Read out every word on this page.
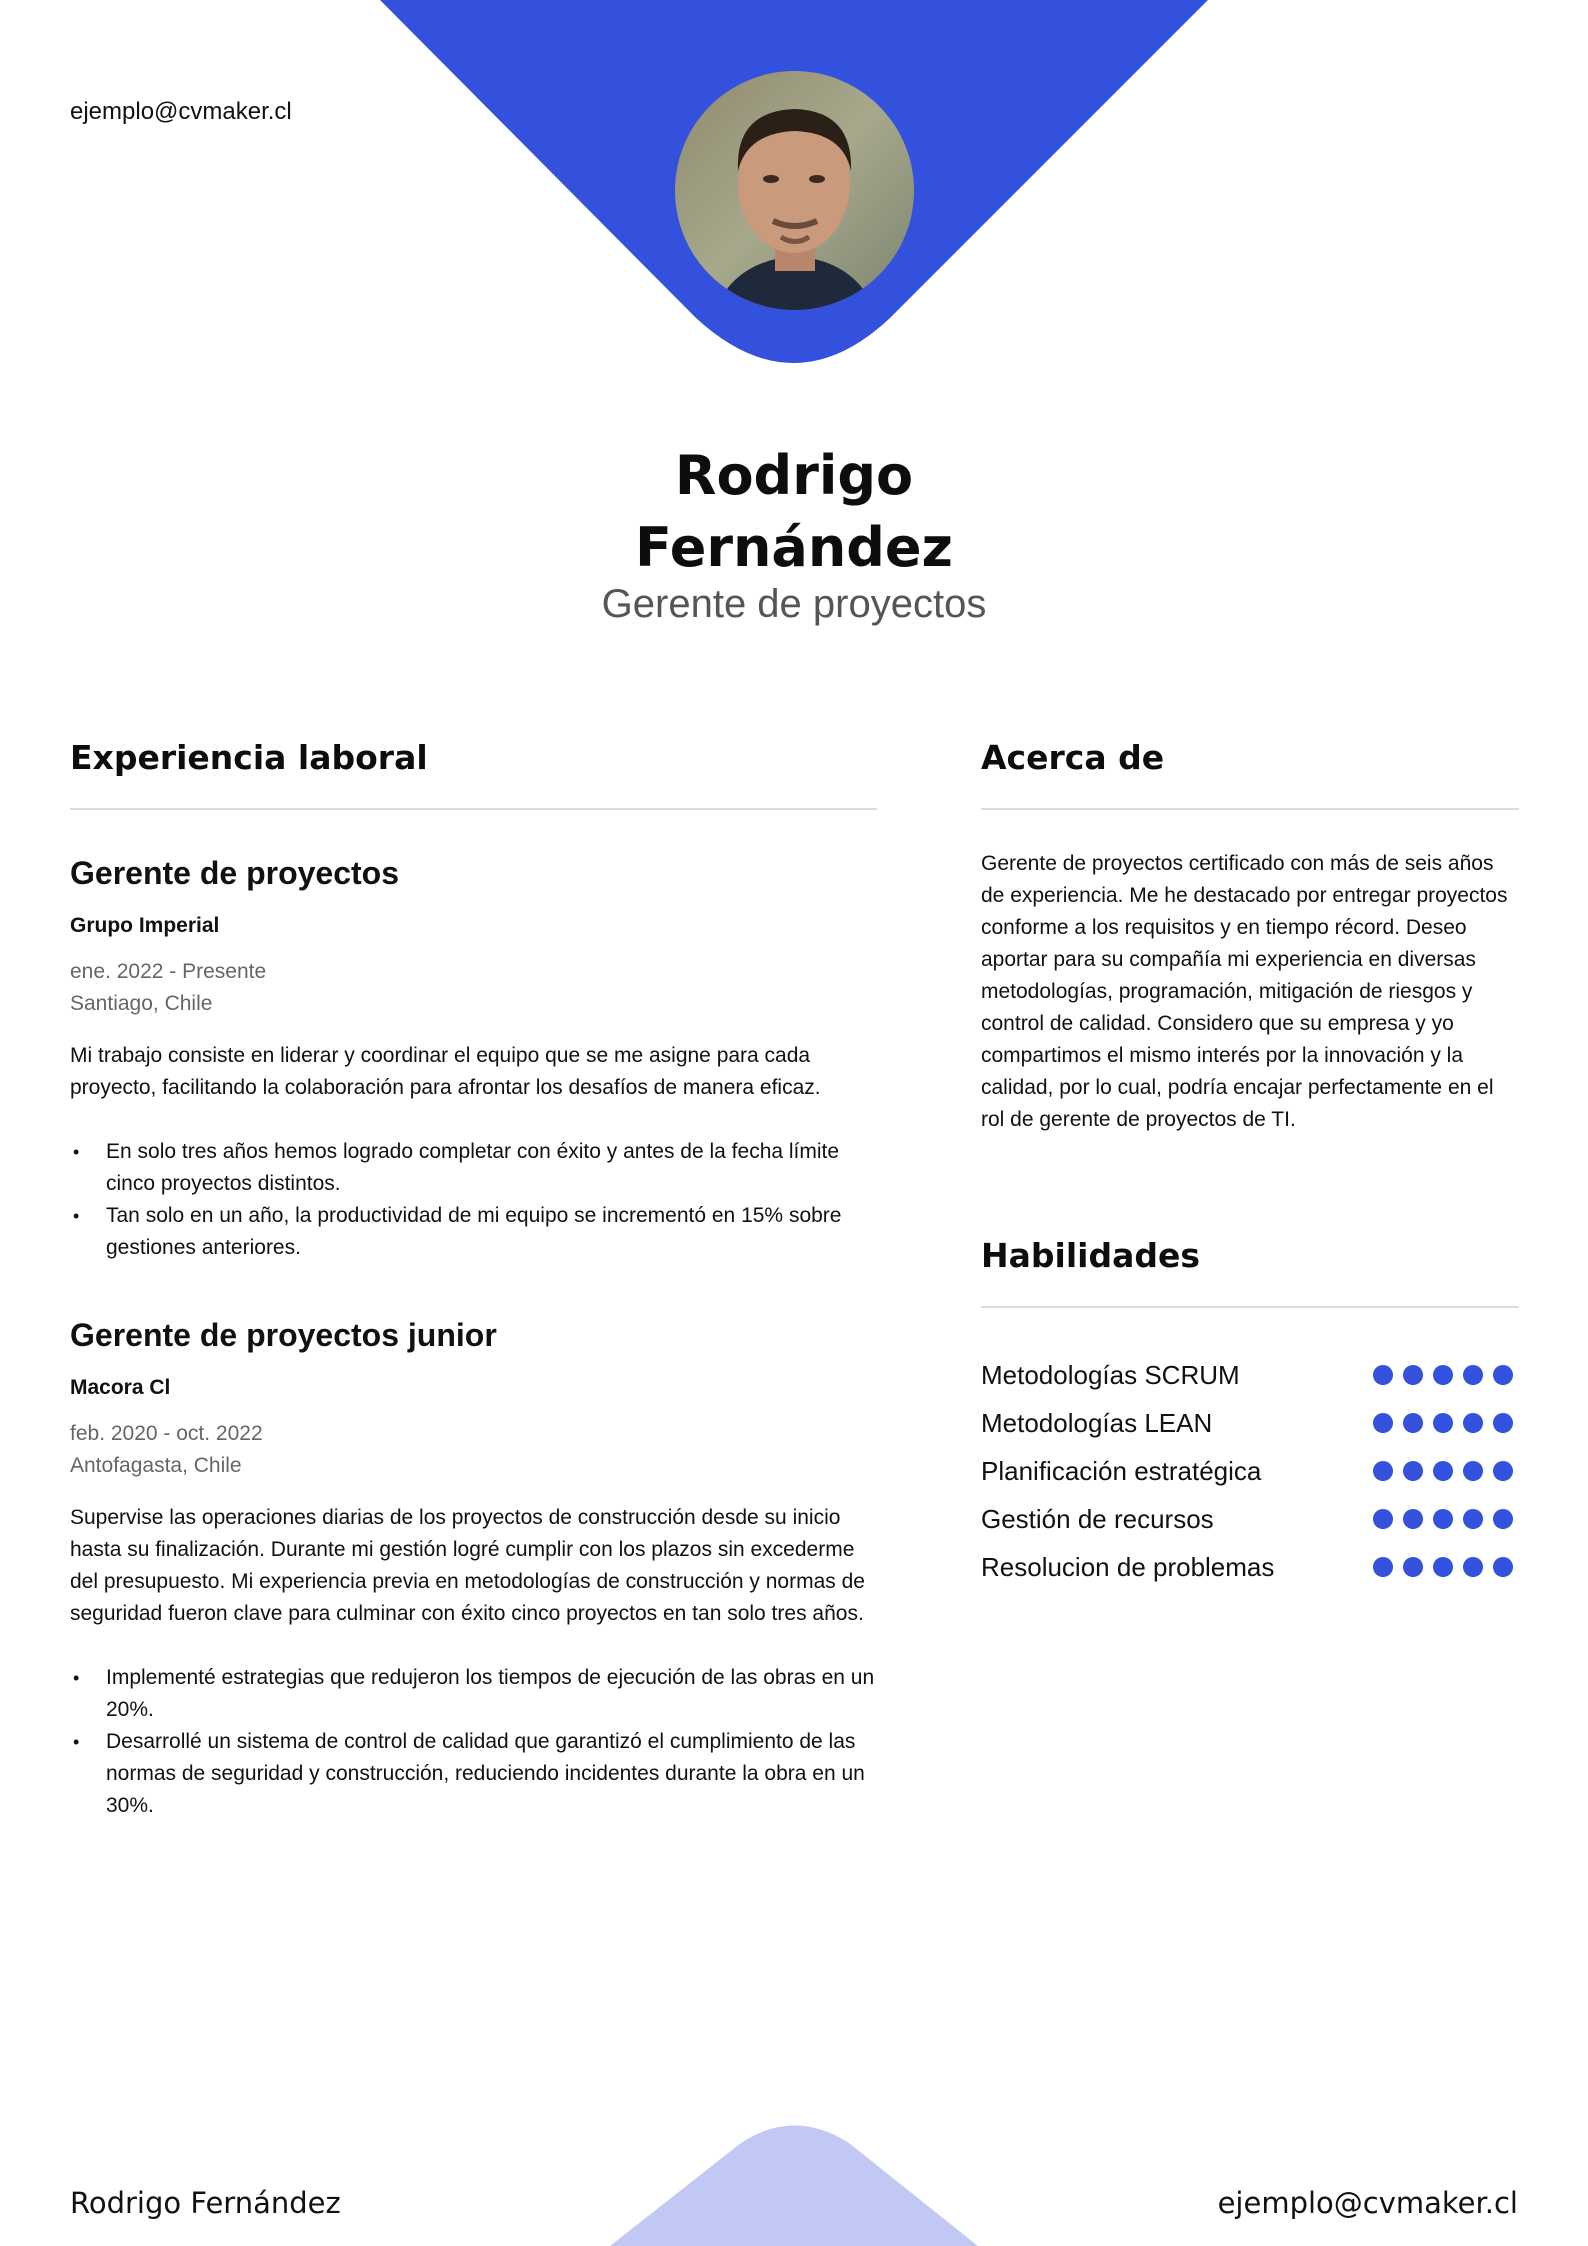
ejemplo@cvmaker.cl
Rodrigo
Fernández
Gerente de proyectos
Experiencia laboral
Gerente de proyectos
Grupo Imperial
ene. 2022 - Presente
Santiago, Chile
Mi trabajo consiste en liderar y coordinar el equipo que se me asigne para cada proyecto, facilitando la colaboración para afrontar los desafíos de manera eficaz.
• En solo tres años hemos logrado completar con éxito y antes de la fecha límite cinco proyectos distintos.
• Tan solo en un año, la productividad de mi equipo se incrementó en 15% sobre gestiones anteriores.
Gerente de proyectos junior
Macora Cl
feb. 2020 - oct. 2022
Antofagasta, Chile
Supervise las operaciones diarias de los proyectos de construcción desde su inicio hasta su finalización. Durante mi gestión logré cumplir con los plazos sin excederme del presupuesto. Mi experiencia previa en metodologías de construcción y normas de seguridad fueron clave para culminar con éxito cinco proyectos en tan solo tres años.
• Implementé estrategias que redujeron los tiempos de ejecución de las obras en un 20%.
• Desarrollé un sistema de control de calidad que garantizó el cumplimiento de las normas de seguridad y construcción, reduciendo incidentes durante la obra en un 30%.
Acerca de
Gerente de proyectos certificado con más de seis años de experiencia. Me he destacado por entregar proyectos conforme a los requisitos y en tiempo récord. Deseo aportar para su compañía mi experiencia en diversas metodologías, programación, mitigación de riesgos y control de calidad. Considero que su empresa y yo compartimos el mismo interés por la innovación y la calidad, por lo cual, podría encajar perfectamente en el rol de gerente de proyectos de TI.
Habilidades
Metodologías SCRUM
Metodologías LEAN
Planificación estratégica
Gestión de recursos
Resolucion de problemas
Rodrigo Fernández	ejemplo@cvmaker.cl
